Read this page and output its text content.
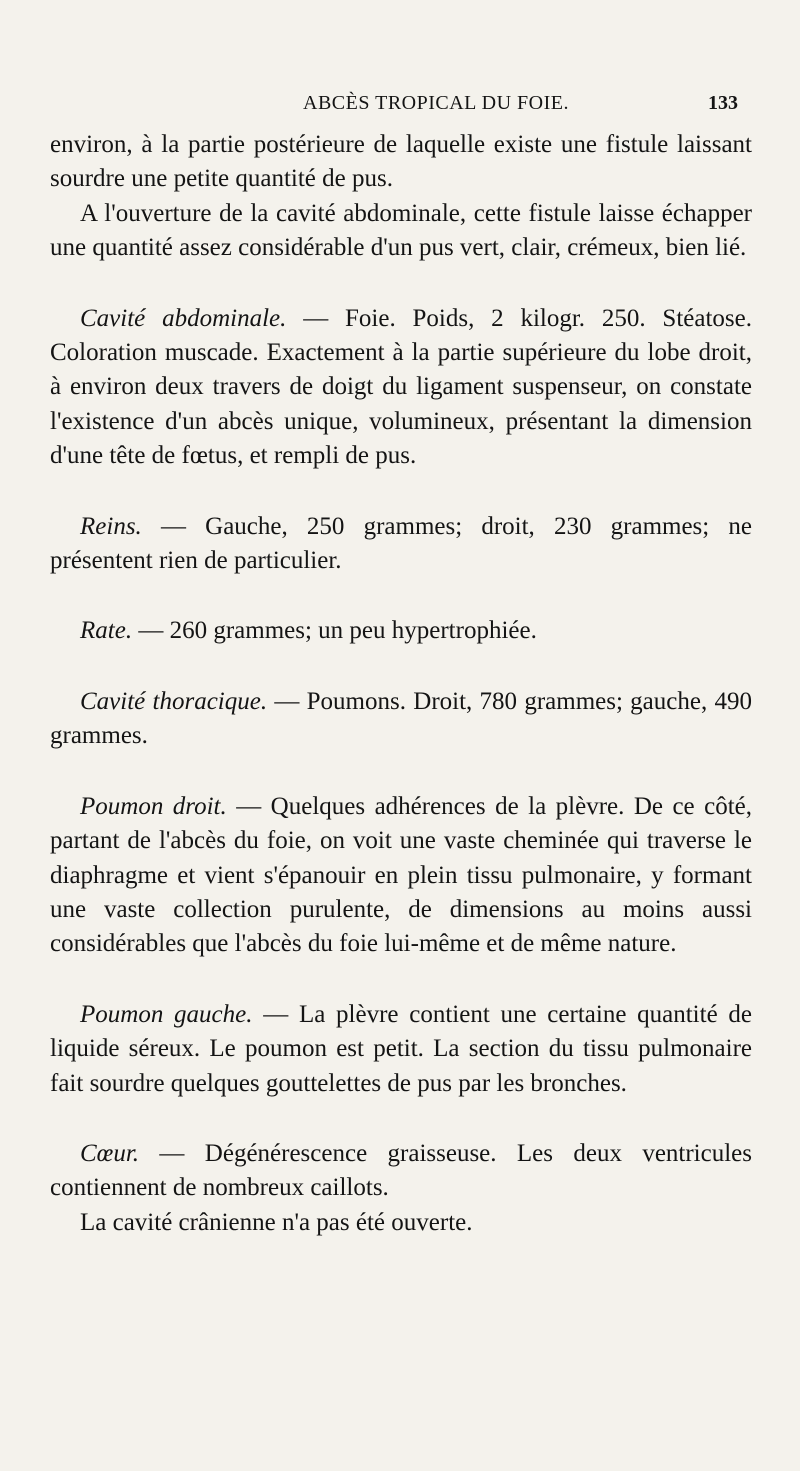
ABCÈS TROPICAL DU FOIE.	133

environ, à la partie postérieure de laquelle existe une fistule laissant sourdre une petite quantité de pus.

A l'ouverture de la cavité abdominale, cette fistule laisse échapper une quantité assez considérable d'un pus vert, clair, crémeux, bien lié.

Cavité abdominale. — Foie. Poids, 2 kilogr. 250. Stéatose. Coloration muscade. Exactement à la partie supérieure du lobe droit, à environ deux travers de doigt du ligament suspenseur, on constate l'existence d'un abcès unique, volumineux, présentant la dimension d'une tête de fœtus, et rempli de pus.

Reins. — Gauche, 250 grammes; droit, 230 grammes; ne présentent rien de particulier.

Rate. — 260 grammes; un peu hypertrophiée.

Cavité thoracique. — Poumons. Droit, 780 grammes; gauche, 490 grammes.

Poumon droit. — Quelques adhérences de la plèvre. De ce côté, partant de l'abcès du foie, on voit une vaste cheminée qui traverse le diaphragme et vient s'épanouir en plein tissu pulmonaire, y formant une vaste collection purulente, de dimensions au moins aussi considérables que l'abcès du foie lui-même et de même nature.

Poumon gauche. — La plèvre contient une certaine quantité de liquide séreux. Le poumon est petit. La section du tissu pulmonaire fait sourdre quelques gouttelettes de pus par les bronches.

Cœur. — Dégénérescence graisseuse. Les deux ventricules contiennent de nombreux caillots.

La cavité crânienne n'a pas été ouverte.
